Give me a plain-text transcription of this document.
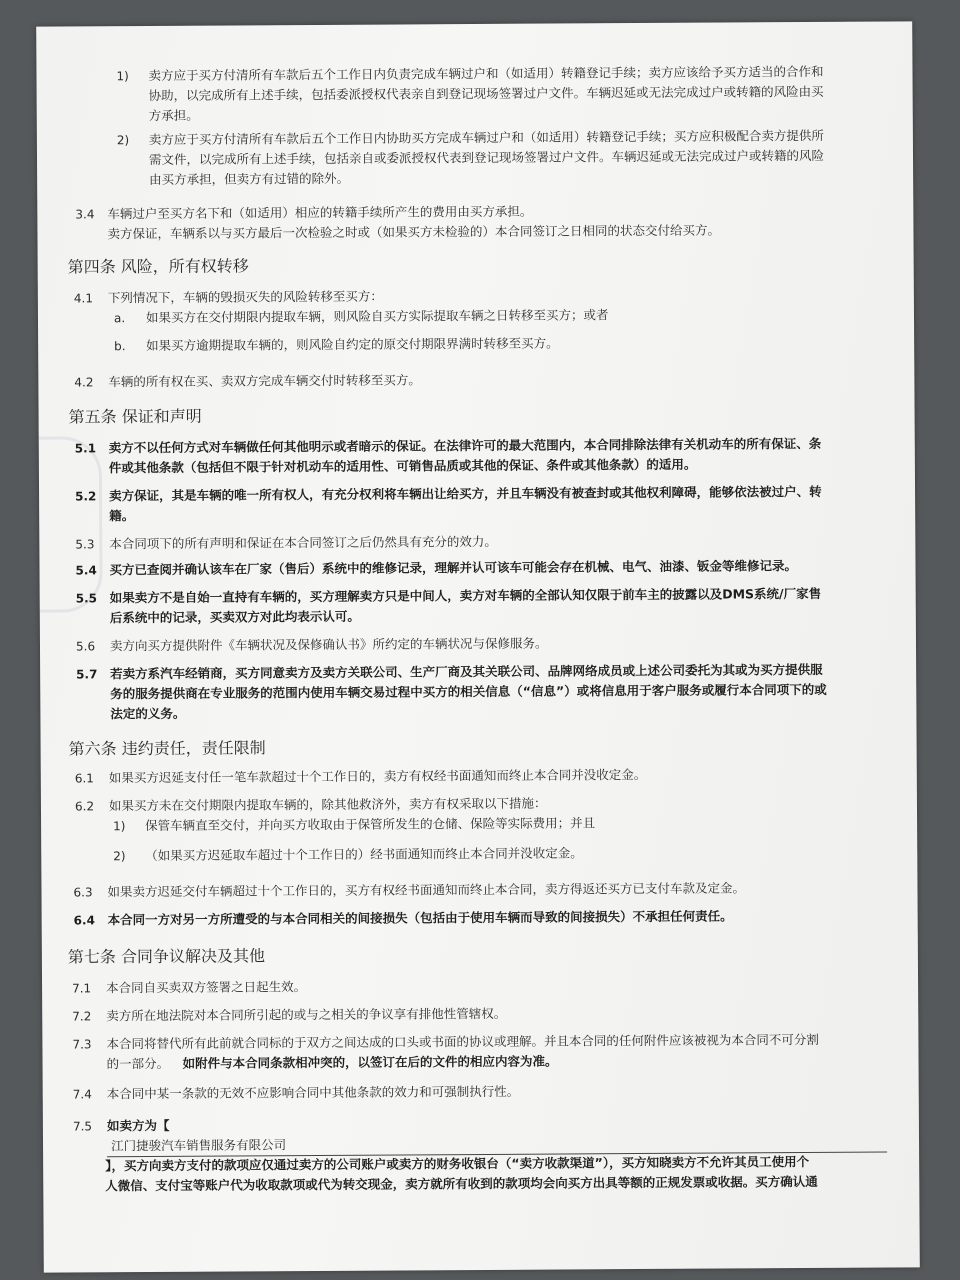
1) 卖方应于买方付清所有车款后五个工作日内负责完成车辆过户和（如适用）转籍登记手续；卖方应该给予买方适当的合作和
协助，以完成所有上述手续，包括委派授权代表亲自到登记现场签署过户文件。车辆迟延或无法完成过户或转籍的风险由买
方承担。
2) 卖方应于买方付清所有车款后五个工作日内协助买方完成车辆过户和（如适用）转籍登记手续；买方应积极配合卖方提供所
需文件，以完成所有上述手续，包括亲自或委派授权代表到登记现场签署过户文件。车辆迟延或无法完成过户或转籍的风险
由买方承担，但卖方有过错的除外。
3.4 车辆过户至买方名下和（如适用）相应的转籍手续所产生的费用由买方承担。
卖方保证，车辆系以与买方最后一次检验之时或（如果买方未检验的）本合同签订之日相同的状态交付给买方。
第四条 风险，所有权转移
4.1 下列情况下，车辆的毁损灭失的风险转移至买方：
a. 如果买方在交付期限内提取车辆，则风险自买方实际提取车辆之日转移至买方；或者
b. 如果买方逾期提取车辆的，则风险自约定的原交付期限界满时转移至买方。
4.2 车辆的所有权在买、卖双方完成车辆交付时转移至买方。
第五条 保证和声明
5.1 卖方不以任何方式对车辆做任何其他明示或者暗示的保证。在法律许可的最大范围内，本合同排除法律有关机动车的所有保证、条
件或其他条款（包括但不限于针对机动车的适用性、可销售品质或其他的保证、条件或其他条款）的适用。
5.2 卖方保证，其是车辆的唯一所有权人，有充分权利将车辆出让给买方，并且车辆没有被查封或其他权利障碍，能够依法被过户、转
籍。
5.3 本合同项下的所有声明和保证在本合同签订之后仍然具有充分的效力。
5.4 买方已查阅并确认该车在厂家（售后）系统中的维修记录，理解并认可该车可能会存在机械、电气、油漆、钣金等维修记录。
5.5 如果卖方不是自始一直持有车辆的，买方理解卖方只是中间人，卖方对车辆的全部认知仅限于前车主的披露以及DMS系统/厂家售
后系统中的记录，买卖双方对此均表示认可。
5.6 卖方向买方提供附件《车辆状况及保修确认书》所约定的车辆状况与保修服务。
5.7 若卖方系汽车经销商，买方同意卖方及卖方关联公司、生产厂商及其关联公司、品牌网络成员或上述公司委托为其或为买方提供服
务的服务提供商在专业服务的范围内使用车辆交易过程中买方的相关信息（“信息”）或将信息用于客户服务或履行本合同项下的或
法定的义务。
第六条 违约责任，责任限制
6.1 如果买方迟延支付任一笔车款超过十个工作日的，卖方有权经书面通知而终止本合同并没收定金。
6.2 如果买方未在交付期限内提取车辆的，除其他救济外，卖方有权采取以下措施：
1) 保管车辆直至交付，并向买方收取由于保管所发生的仓储、保险等实际费用；并且
2) （如果买方迟延取车超过十个工作日的）经书面通知而终止本合同并没收定金。
6.3 如果卖方迟延交付车辆超过十个工作日的，买方有权经书面通知而终止本合同，卖方得返还买方已支付车款及定金。
6.4 本合同一方对另一方所遭受的与本合同相关的间接损失（包括由于使用车辆而导致的间接损失）不承担任何责任。
第七条 合同争议解决及其他
7.1 本合同自买卖双方签署之日起生效。
7.2 卖方所在地法院对本合同所引起的或与之相关的争议享有排他性管辖权。
7.3 本合同将替代所有此前就合同标的于双方之间达成的口头或书面的协议或理解。并且本合同的任何附件应该被视为本合同不可分割
的一部分。 如附件与本合同条款相冲突的，以签订在后的文件的相应内容为准。
7.4 本合同中某一条款的无效不应影响合同中其他条款的效力和可强制执行性。
7.5 如卖方为【
江门捷骏汽车销售服务有限公司
】，买方向卖方支付的款项应仅通过卖方的公司账户或卖方的财务收银台（“卖方收款渠道”），买方知晓卖方不允许其员工使用个
人微信、支付宝等账户代为收取款项或代为转交现金，卖方就所有收到的款项均会向买方出具等额的正规发票或收据。买方确认通
